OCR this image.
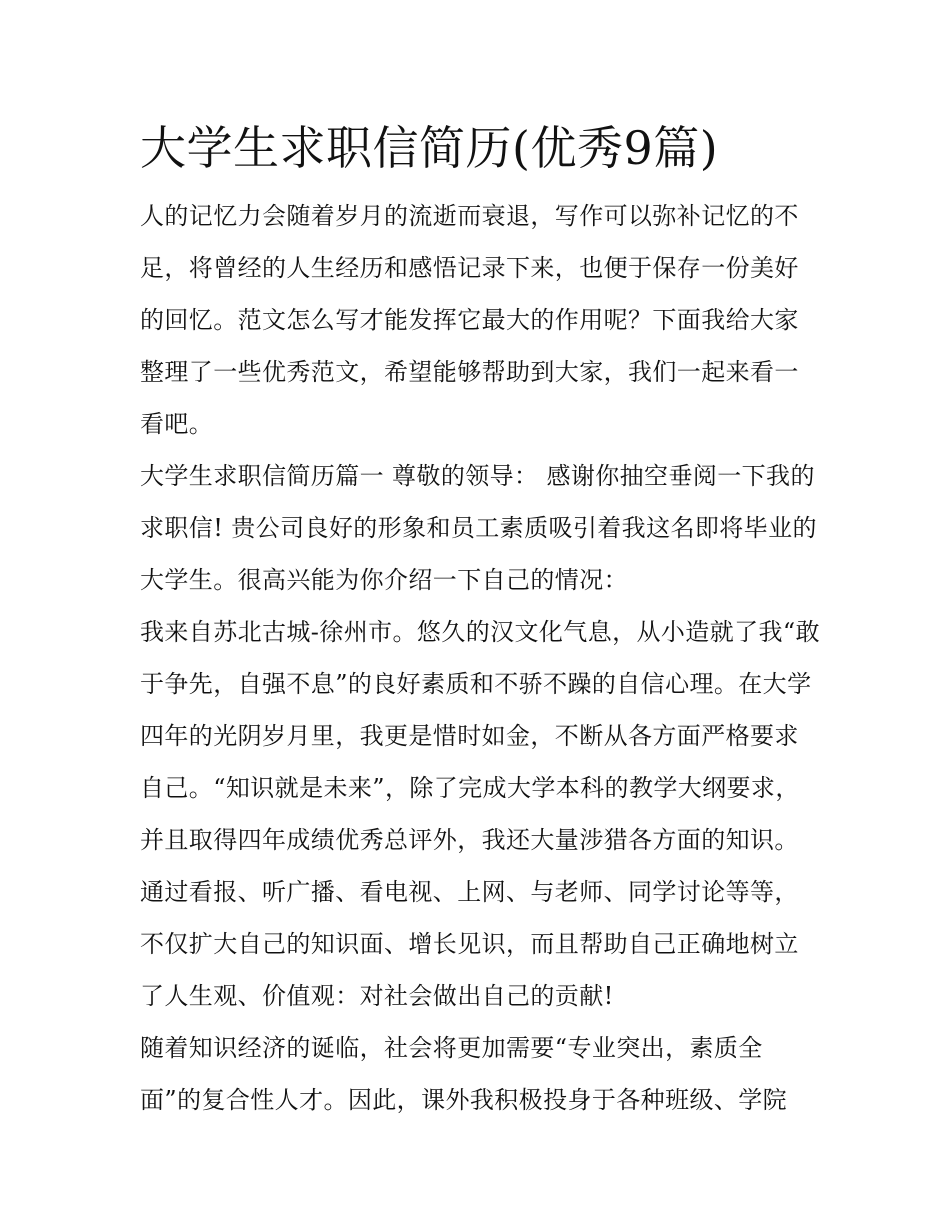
大学生求职信简历(优秀9篇)

人的记忆力会随着岁月的流逝而衰退，写作可以弥补记忆的不足，将曾经的人生经历和感悟记录下来，也便于保存一份美好的回忆。范文怎么写才能发挥它最大的作用呢？下面我给大家整理了一些优秀范文，希望能够帮助到大家，我们一起来看一看吧。

大学生求职信简历篇一 尊敬的领导： 感谢你抽空垂阅一下我的求职信! 贵公司良好的形象和员工素质吸引着我这名即将毕业的大学生。很高兴能为你介绍一下自己的情况：

我来自苏北古城-徐州市。悠久的汉文化气息，从小造就了我“敢于争先，自强不息”的良好素质和不骄不躁的自信心理。在大学四年的光阴岁月里，我更是惜时如金，不断从各方面严格要求自己。“知识就是未来”，除了完成大学本科的教学大纲要求，并且取得四年成绩优秀总评外，我还大量涉猎各方面的知识。通过看报、听广播、看电视、上网、与老师、同学讨论等等，不仅扩大自己的知识面、增长见识，而且帮助自己正确地树立了人生观、价值观：对社会做出自己的贡献!

随着知识经济的诞临，社会将更加需要“专业突出，素质全面”的复合性人才。因此，课外我积极投身于各种班级、学院
